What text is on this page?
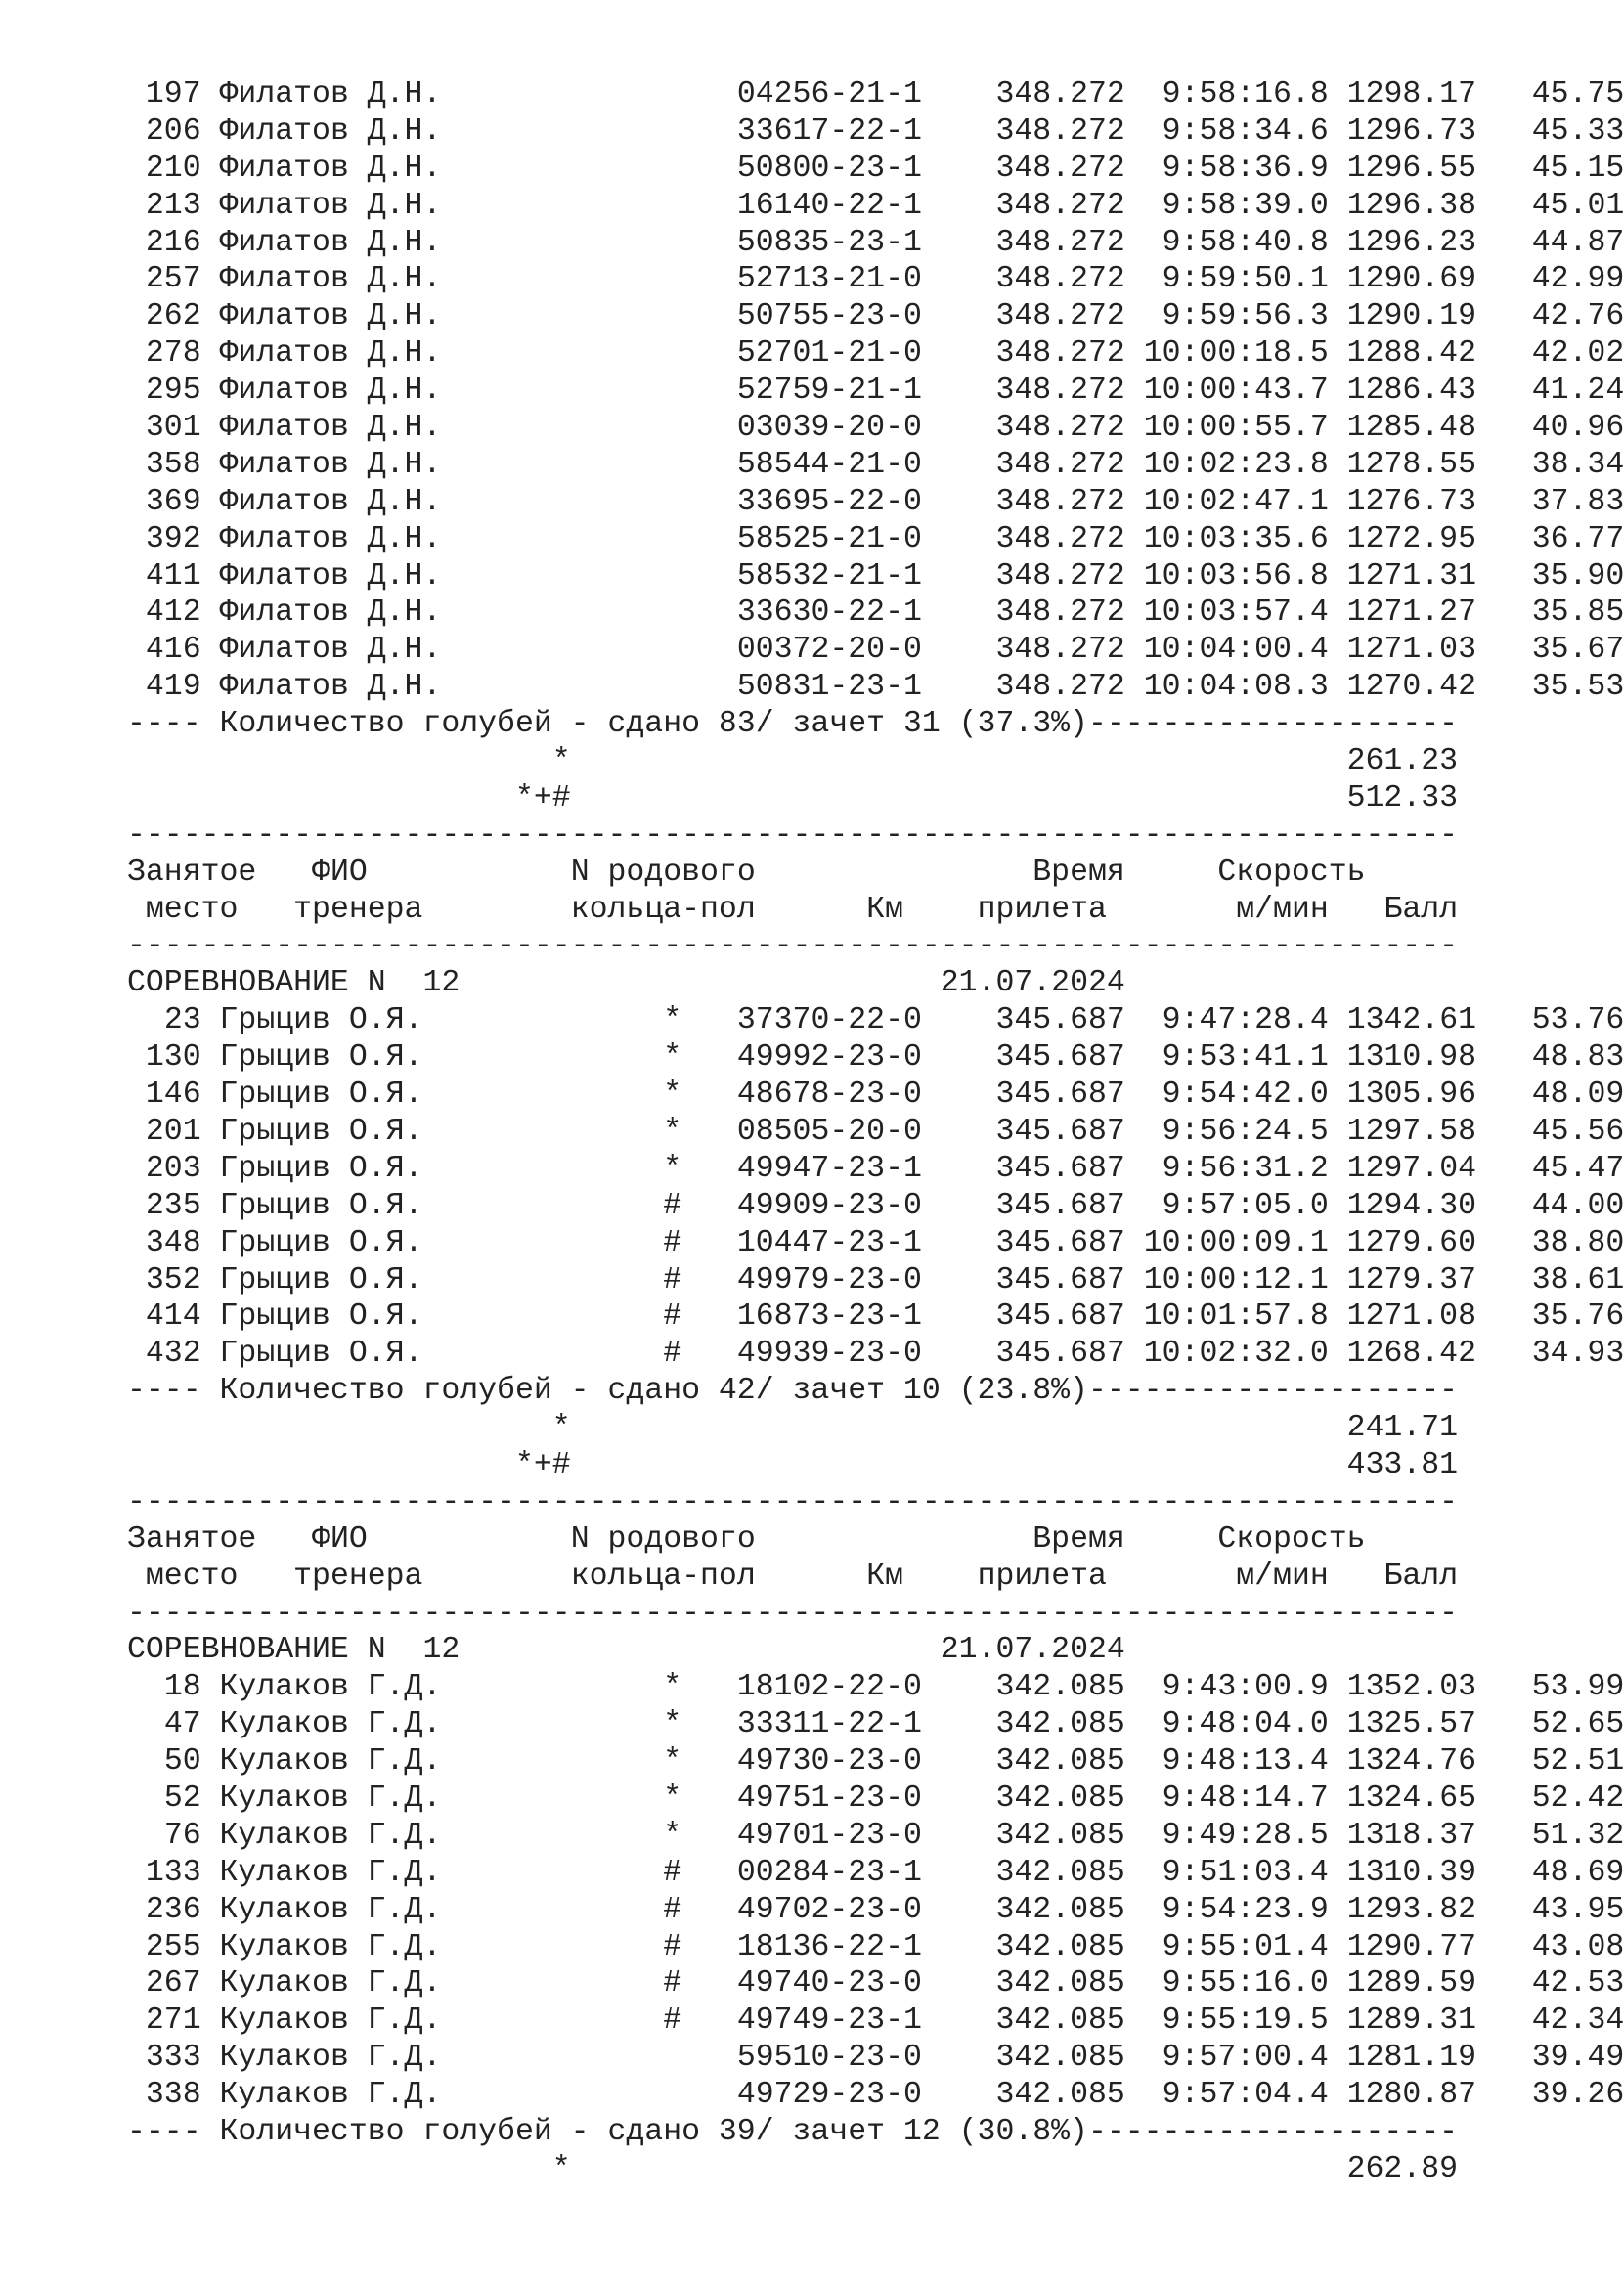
197 Филатов Д.Н.	04256-21-1 348.272 9:58:16.8 1298.17 45.75
206 Филатов Д.Н.	33617-22-1 348.272 9:58:34.6 1296.73 45.33
210 Филатов Д.Н.	50800-23-1 348.272 9:58:36.9 1296.55 45.15
213 Филатов Д.Н.	16140-22-1 348.272 9:58:39.0 1296.38 45.01
216 Филатов Д.Н.	50835-23-1 348.272 9:58:40.8 1296.23 44.87
257 Филатов Д.Н.	52713-21-0 348.272 9:59:50.1 1290.69 42.99
262 Филатов Д.Н.	50755-23-0 348.272 9:59:56.3 1290.19 42.76
278 Филатов Д.Н.	52701-21-0 348.272 10:00:18.5 1288.42 42.02
295 Филатов Д.Н.	52759-21-1 348.272 10:00:43.7 1286.43 41.24
301 Филатов Д.Н.	03039-20-0 348.272 10:00:55.7 1285.48 40.96
358 Филатов Д.Н.	58544-21-0 348.272 10:02:23.8 1278.55 38.34
369 Филатов Д.Н.	33695-22-0 348.272 10:02:47.1 1276.73 37.83
392 Филатов Д.Н.	58525-21-0 348.272 10:03:35.6 1272.95 36.77
411 Филатов Д.Н.	58532-21-1 348.272 10:03:56.8 1271.31 35.90
412 Филатов Д.Н.	33630-22-1 348.272 10:03:57.4 1271.27 35.85
416 Филатов Д.Н.	00372-20-0 348.272 10:04:00.4 1271.03 35.67
419 Филатов Д.Н.	50831-23-1 348.272 10:04:08.3 1270.42 35.53
---- Количество голубей - сдано 83/ зачет 31 (37.3%)--------------------
*	261.23
*+#	512.33
------------------------------------------------------------------------
Занятое ФИО	N родового	Время	Скорость
место тренера	кольца-пол	Км прилета	м/мин Балл
------------------------------------------------------------------------
СОРЕВНОВАНИЕ N  12	21.07.2024
23 Грыцив О.Я.	* 37370-22-0 345.687 9:47:28.4 1342.61 53.76
130 Грыцив О.Я.	* 49992-23-0 345.687 9:53:41.1 1310.98 48.83
146 Грыцив О.Я.	* 48678-23-0 345.687 9:54:42.0 1305.96 48.09
201 Грыцив О.Я.	* 08505-20-0 345.687 9:56:24.5 1297.58 45.56
203 Грыцив О.Я.	* 49947-23-1 345.687 9:56:31.2 1297.04 45.47
235 Грыцив О.Я.	# 49909-23-0 345.687 9:57:05.0 1294.30 44.00
348 Грыцив О.Я.	# 10447-23-1 345.687 10:00:09.1 1279.60 38.80
352 Грыцив О.Я.	# 49979-23-0 345.687 10:00:12.1 1279.37 38.61
414 Грыцив О.Я.	# 16873-23-1 345.687 10:01:57.8 1271.08 35.76
432 Грыцив О.Я.	# 49939-23-0 345.687 10:02:32.0 1268.42 34.93
---- Количество голубей - сдано 42/ зачет 10 (23.8%)--------------------
*	241.71
*+#	433.81
------------------------------------------------------------------------
Занятое ФИО	N родового	Время	Скорость
место тренера	кольца-пол	Км прилета	м/мин Балл
------------------------------------------------------------------------
СОРЕВНОВАНИЕ N  12	21.07.2024
18 Кулаков Г.Д.	* 18102-22-0 342.085 9:43:00.9 1352.03 53.99
47 Кулаков Г.Д.	* 33311-22-1 342.085 9:48:04.0 1325.57 52.65
50 Кулаков Г.Д.	* 49730-23-0 342.085 9:48:13.4 1324.76 52.51
52 Кулаков Г.Д.	* 49751-23-0 342.085 9:48:14.7 1324.65 52.42
76 Кулаков Г.Д.	* 49701-23-0 342.085 9:49:28.5 1318.37 51.32
133 Кулаков Г.Д.	# 00284-23-1 342.085 9:51:03.4 1310.39 48.69
236 Кулаков Г.Д.	# 49702-23-0 342.085 9:54:23.9 1293.82 43.95
255 Кулаков Г.Д.	# 18136-22-1 342.085 9:55:01.4 1290.77 43.08
267 Кулаков Г.Д.	# 49740-23-0 342.085 9:55:16.0 1289.59 42.53
271 Кулаков Г.Д.	# 49749-23-1 342.085 9:55:19.5 1289.31 42.34
333 Кулаков Г.Д.	59510-23-0 342.085 9:57:00.4 1281.19 39.49
338 Кулаков Г.Д.	49729-23-0 342.085 9:57:04.4 1280.87 39.26
---- Количество голубей - сдано 39/ зачет 12 (30.8%)--------------------
*	262.89
